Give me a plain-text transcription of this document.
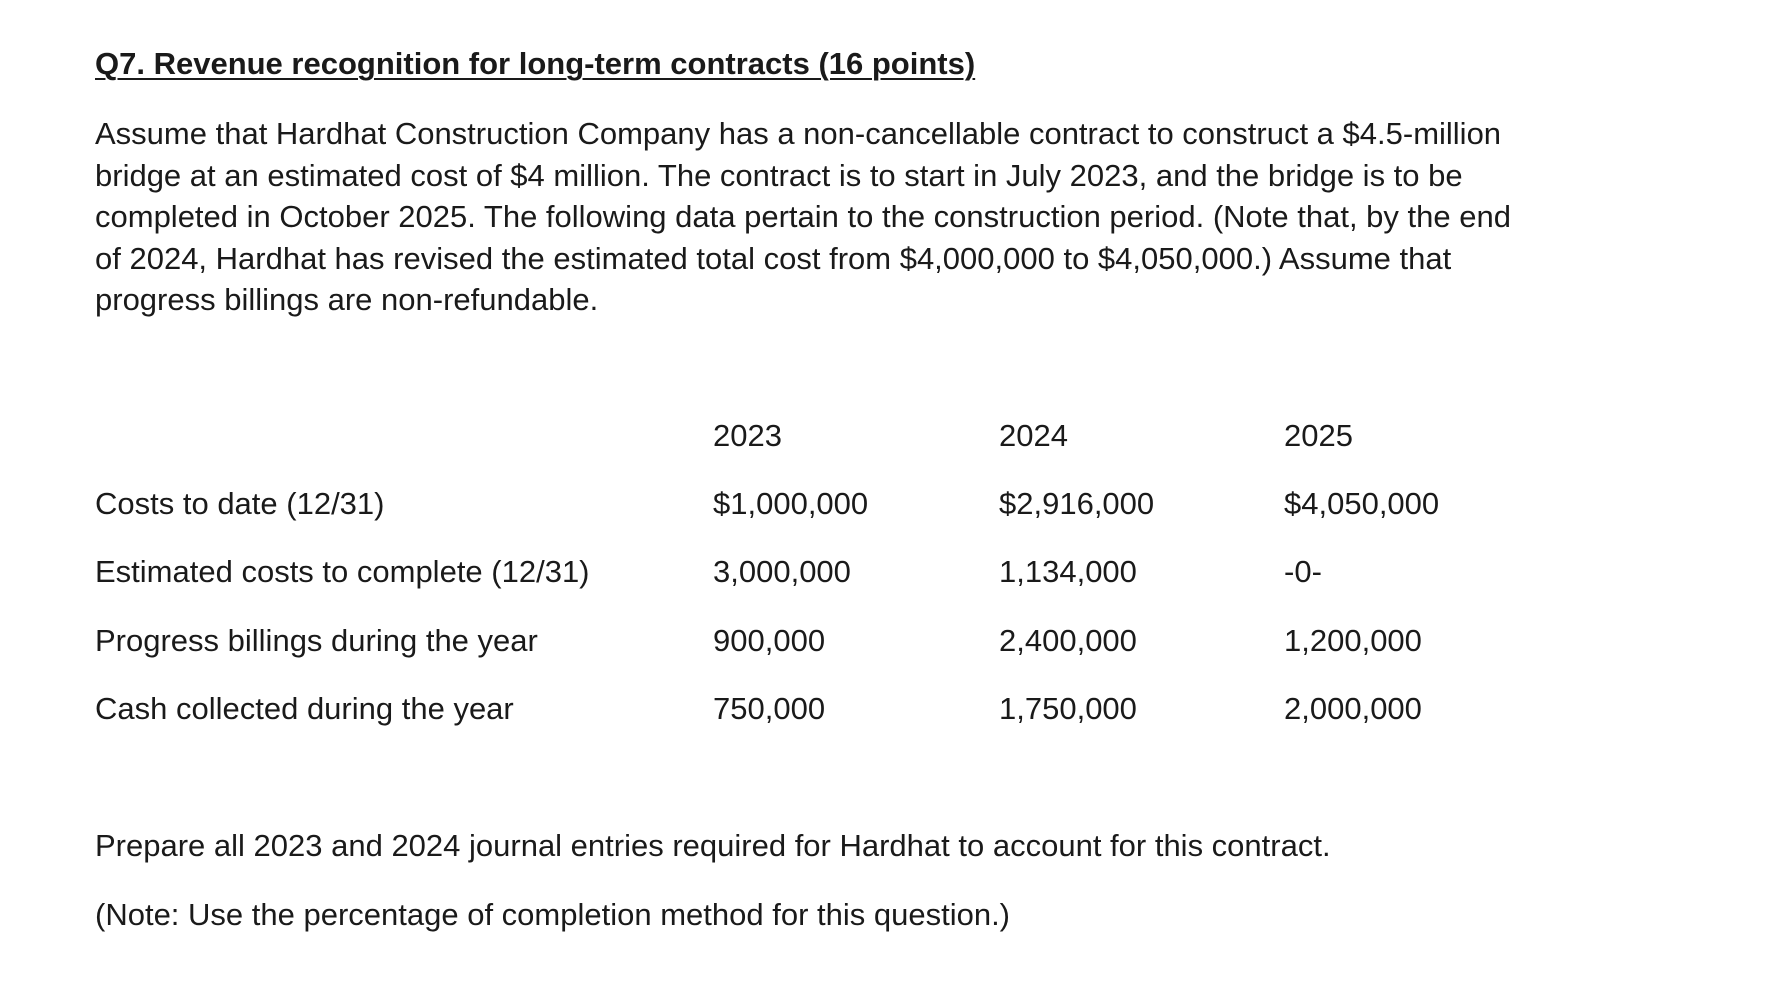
Q7. Revenue recognition for long-term contracts (16 points)
Assume that Hardhat Construction Company has a non-cancellable contract to construct a $4.5-million
bridge at an estimated cost of $4 million. The contract is to start in July 2023, and the bridge is to be
completed in October 2025. The following data pertain to the construction period. (Note that, by the end
of 2024, Hardhat has revised the estimated total cost from $4,000,000 to $4,050,000.) Assume that
progress billings are non-refundable.
2023	2024	2025
Costs to date (12/31)	$1,000,000	$2,916,000	$4,050,000
Estimated costs to complete (12/31)	3,000,000	1,134,000	-0-
Progress billings during the year	900,000	2,400,000	1,200,000
Cash collected during the year	750,000	1,750,000	2,000,000
Prepare all 2023 and 2024 journal entries required for Hardhat to account for this contract.
(Note: Use the percentage of completion method for this question.)
